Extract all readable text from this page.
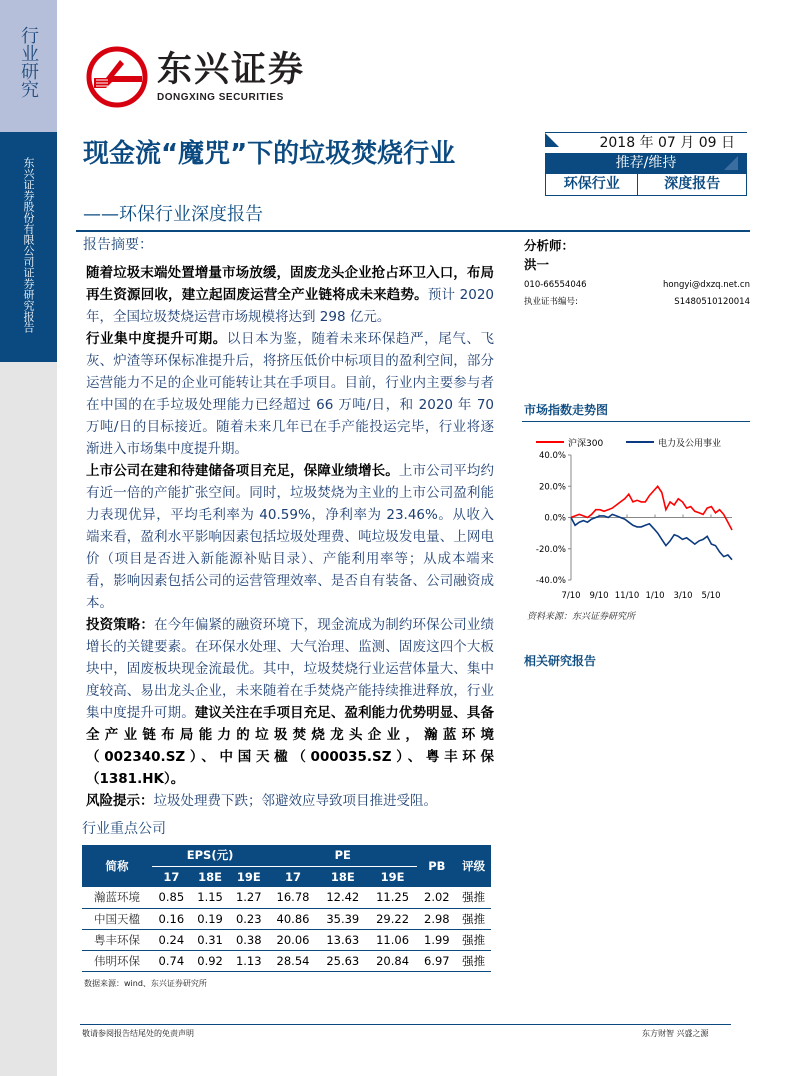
行业研究
东兴证券股份有限公司证券研究报告
东兴证券
DONGXING SECURITIES
现金流“魔咒”下的垃圾焚烧行业
——环保行业深度报告
2018 年 07 月 09 日
推荐/维持
环保行业	深度报告
报告摘要：

随着垃圾末端处置增量市场放缓，固废龙头企业抢占环卫入口，布局再生资源回收，建立起固废运营全产业链将成未来趋势。预计 2020 年，全国垃圾焚烧运营市场规模将达到 298 亿元。

行业集中度提升可期。以日本为鉴，随着未来环保趋严，尾气、飞灰、炉渣等环保标准提升后，将挤压低价中标项目的盈利空间，部分运营能力不足的企业可能转让其在手项目。目前，行业内主要参与者在中国的在手垃圾处理能力已经超过 66 万吨/日，和 2020 年 70 万吨/日的目标接近。随着未来几年已在手产能投运完毕，行业将逐渐进入市场集中度提升期。

上市公司在建和待建储备项目充足，保障业绩增长。上市公司平均约有近一倍的产能扩张空间。同时，垃圾焚烧为主业的上市公司盈利能力表现优异，平均毛利率为 40.59%，净利率为 23.46%。从收入端来看，盈利水平影响因素包括垃圾处理费、吨垃圾发电量、上网电价（项目是否进入新能源补贴目录）、产能利用率等；从成本端来看，影响因素包括公司的运营管理效率、是否自有装备、公司融资成本。

投资策略：在今年偏紧的融资环境下，现金流成为制约环保公司业绩增长的关键要素。在环保水处理、大气治理、监测、固废这四个大板块中，固废板块现金流最优。其中，垃圾焚烧行业运营体量大、集中度较高、易出龙头企业，未来随着在手焚烧产能持续推进释放，行业集中度提升可期。建议关注在手项目充足、盈利能力优势明显、具备全产业链布局能力的垃圾焚烧龙头企业，瀚蓝环境（002340.SZ）、中国天楹（000035.SZ）、粤丰环保（1381.HK）。

风险提示：垃圾处理费下跌；邻避效应导致项目推进受阻。

分析师：
洪一
010-66554046	hongyi@dxzq.net.cn
执业证书编号:	S1480510120014
市场指数走势图
沪深300	电力及公用事业
40.0%
20.0%
0.0%
-20.0%
-40.0%
7/10 9/10 11/10 1/10 3/10 5/10
资料来源：东兴证券研究所
相关研究报告
行业重点公司
简称	EPS(元)			PE			PB	评级
	17	18E	19E	17	18E	19E		
瀚蓝环境	0.85	1.15	1.27	16.78	12.42	11.25	2.02	强推
中国天楹	0.16	0.19	0.23	40.86	35.39	29.22	2.98	强推
粤丰环保	0.24	0.31	0.38	20.06	13.63	11.06	1.99	强推
伟明环保	0.74	0.92	1.13	28.54	25.63	20.84	6.97	强推
数据来源：wind、东兴证券研究所
敬请参阅报告结尾处的免责声明	东方财智 兴盛之源
